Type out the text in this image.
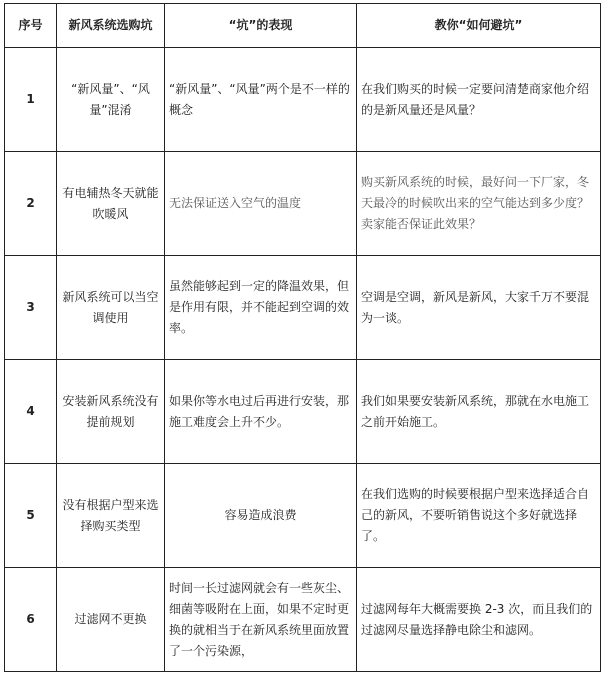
序号	新风系统选购坑	“坑”的表现	教你“如何避坑”
1	“新风量”、“风量”混淆	“新风量”、“风量”两个是不一样的概念	在我们购买的时候一定要问清楚商家他介绍的是新风量还是风量？
2	有电辅热冬天就能吹暖风	无法保证送入空气的温度	购买新风系统的时候，最好问一下厂家，冬天最冷的时候吹出来的空气能达到多少度？卖家能否保证此效果？
3	新风系统可以当空调使用	虽然能够起到一定的降温效果，但是作用有限，并不能起到空调的效率。	空调是空调，新风是新风，大家千万不要混为一谈。
4	安装新风系统没有提前规划	如果你等水电过后再进行安装，那施工难度会上升不少。	我们如果要安装新风系统，那就在水电施工之前开始施工。
5	没有根据户型来选择购买类型	容易造成浪费	在我们选购的时候要根据户型来选择适合自己的新风，不要听销售说这个多好就选择了。
6	过滤网不更换	时间一长过滤网就会有一些灰尘、细菌等吸附在上面，如果不定时更换的就相当于在新风系统里面放置了一个污染源，	过滤网每年大概需要换 2-3 次，而且我们的过滤网尽量选择静电除尘和滤网。
